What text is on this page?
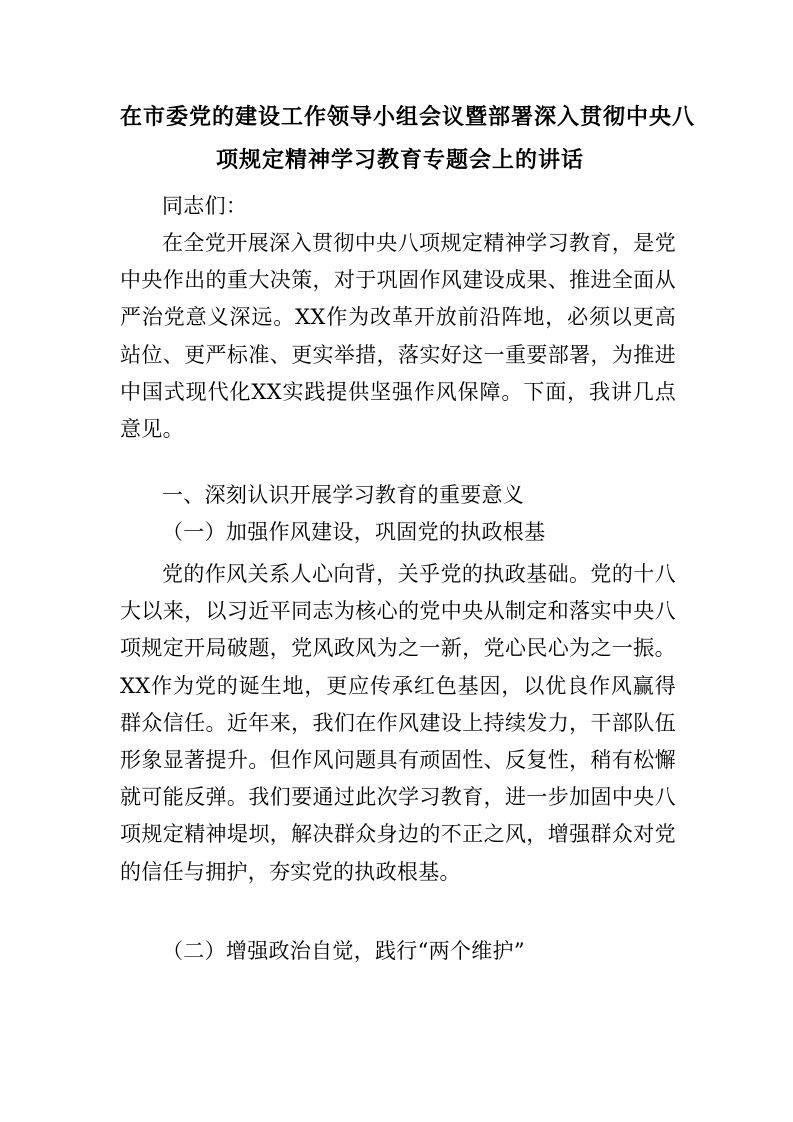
在市委党的建设工作领导小组会议暨部署深入贯彻中央八
项规定精神学习教育专题会上的讲话
同志们：
在全党开展深入贯彻中央八项规定精神学习教育，是党中央作出的重大决策，对于巩固作风建设成果、推进全面从严治党意义深远。XX作为改革开放前沿阵地，必须以更高站位、更严标准、更实举措，落实好这一重要部署，为推进中国式现代化XX实践提供坚强作风保障。下面，我讲几点意见。
一、深刻认识开展学习教育的重要意义
（一）加强作风建设，巩固党的执政根基
党的作风关系人心向背，关乎党的执政基础。党的十八大以来，以习近平同志为核心的党中央从制定和落实中央八项规定开局破题，党风政风为之一新，党心民心为之一振。XX作为党的诞生地，更应传承红色基因，以优良作风赢得群众信任。近年来，我们在作风建设上持续发力，干部队伍形象显著提升。但作风问题具有顽固性、反复性，稍有松懈就可能反弹。我们要通过此次学习教育，进一步加固中央八项规定精神堤坝，解决群众身边的不正之风，增强群众对党的信任与拥护，夯实党的执政根基。
（二）增强政治自觉，践行“两个维护”
